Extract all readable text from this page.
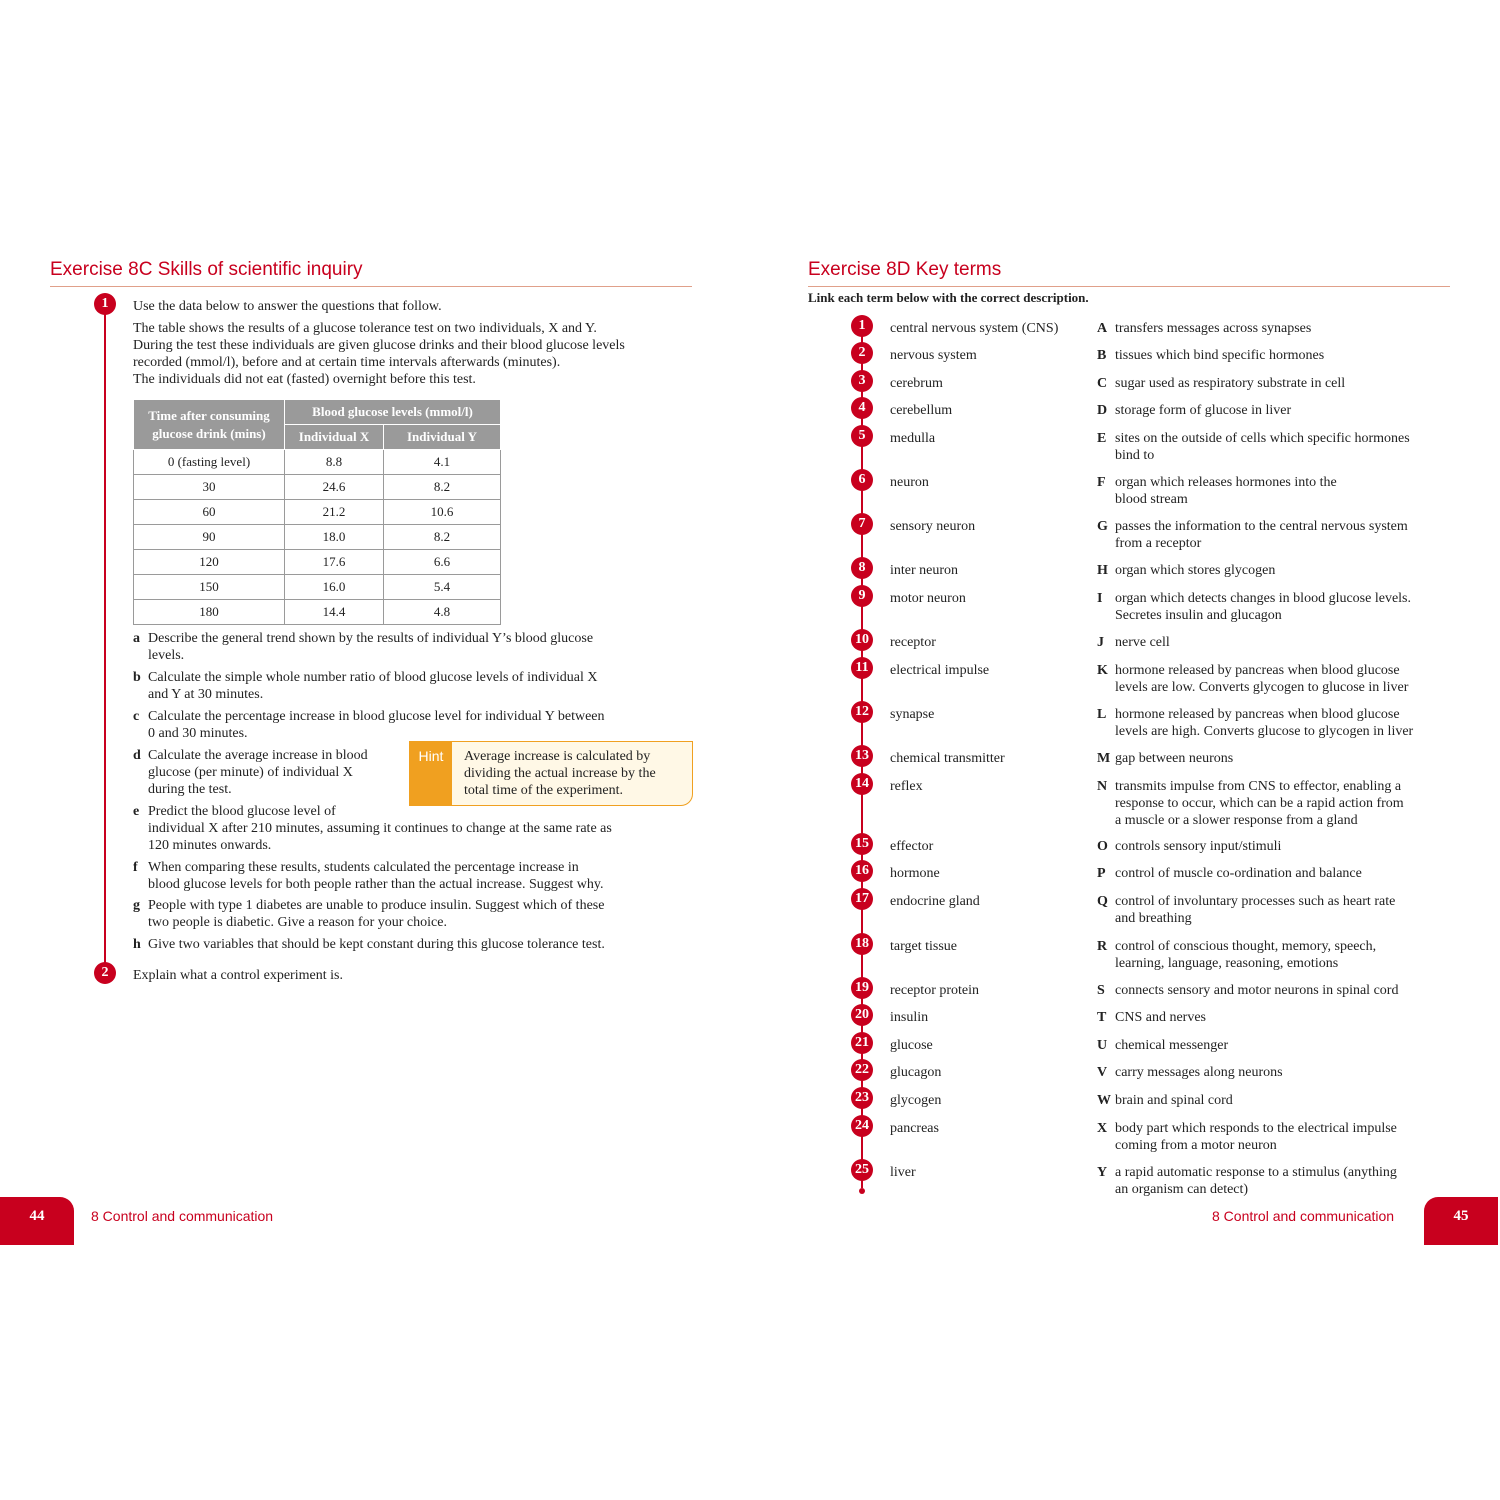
Exercise 8C Skills of scientific inquiry
1	Use the data below to answer the questions that follow.
The table shows the results of a glucose tolerance test on two individuals, X and Y.
During the test these individuals are given glucose drinks and their blood glucose levels
recorded (mmol/l), before and at certain time intervals afterwards (minutes).
The individuals did not eat (fasted) overnight before this test.
Time after consuming
glucose drink (mins)	Blood glucose levels (mmol/l)	
	Individual X	Individual Y
0 (fasting level)	8.8	4.1
30	24.6	8.2
60	21.2	10.6
90	18.0	8.2
120	17.6	6.6
150	16.0	5.4
180	14.4	4.8
a Describe the general trend shown by the results of individual Y’s blood glucose
levels.
b Calculate the simple whole number ratio of blood glucose levels of individual X
and Y at 30 minutes.
c Calculate the percentage increase in blood glucose level for individual Y between
0 and 30 minutes.
d Calculate the average increase in blood
glucose (per minute) of individual X
during the test.
e Predict the blood glucose level of
individual X after 210 minutes, assuming it continues to change at the same rate as
120 minutes onwards.
f When comparing these results, students calculated the percentage increase in
blood glucose levels for both people rather than the actual increase. Suggest why.
g People with type 1 diabetes are unable to produce insulin. Suggest which of these
two people is diabetic. Give a reason for your choice.
h Give two variables that should be kept constant during this glucose tolerance test.
Hint	Average increase is calculated by
dividing the actual increase by the
total time of the experiment.
2	Explain what a control experiment is.
44	8 Control and communication	45
8 Control and communication
Exercise 8D Key terms
Link each term below with the correct description.
1	central nervous system (CNS)	A transfers messages across synapses
2	nervous system	B tissues which bind specific hormones
3	cerebrum	C sugar used as respiratory substrate in cell
4	cerebellum	D storage form of glucose in liver
5	medulla	E sites on the outside of cells which specific hormones
bind to
6	neuron	F organ which releases hormones into the
blood stream
7	sensory neuron	G passes the information to the central nervous system
from a receptor
8	inter neuron	H organ which stores glycogen
9	motor neuron	I organ which detects changes in blood glucose levels.
Secretes insulin and glucagon
10 receptor	J nerve cell
11	electrical impulse	K hormone released by pancreas when blood glucose
levels are low. Converts glycogen to glucose in liver
12 synapse	L hormone released by pancreas when blood glucose
levels are high. Converts glucose to glycogen in liver
13 chemical transmitter	M gap between neurons
14 reflex	N transmits impulse from CNS to effector, enabling a
response to occur, which can be a rapid action from
a muscle or a slower response from a gland
15 effector	O controls sensory input/stimuli
16 hormone	P control of muscle co-ordination and balance
17 endocrine gland	Q control of involuntary processes such as heart rate
and breathing
18 target tissue	R control of conscious thought, memory, speech,
learning, language, reasoning, emotions
19 receptor protein	S connects sensory and motor neurons in spinal cord
20 insulin	T CNS and nerves
21 glucose	U chemical messenger
22 glucagon	V carry messages along neurons
23 glycogen	W brain and spinal cord
24 pancreas	X body part which responds to the electrical impulse
coming from a motor neuron
25 liver	Y a rapid automatic response to a stimulus (anything
an organism can detect)
